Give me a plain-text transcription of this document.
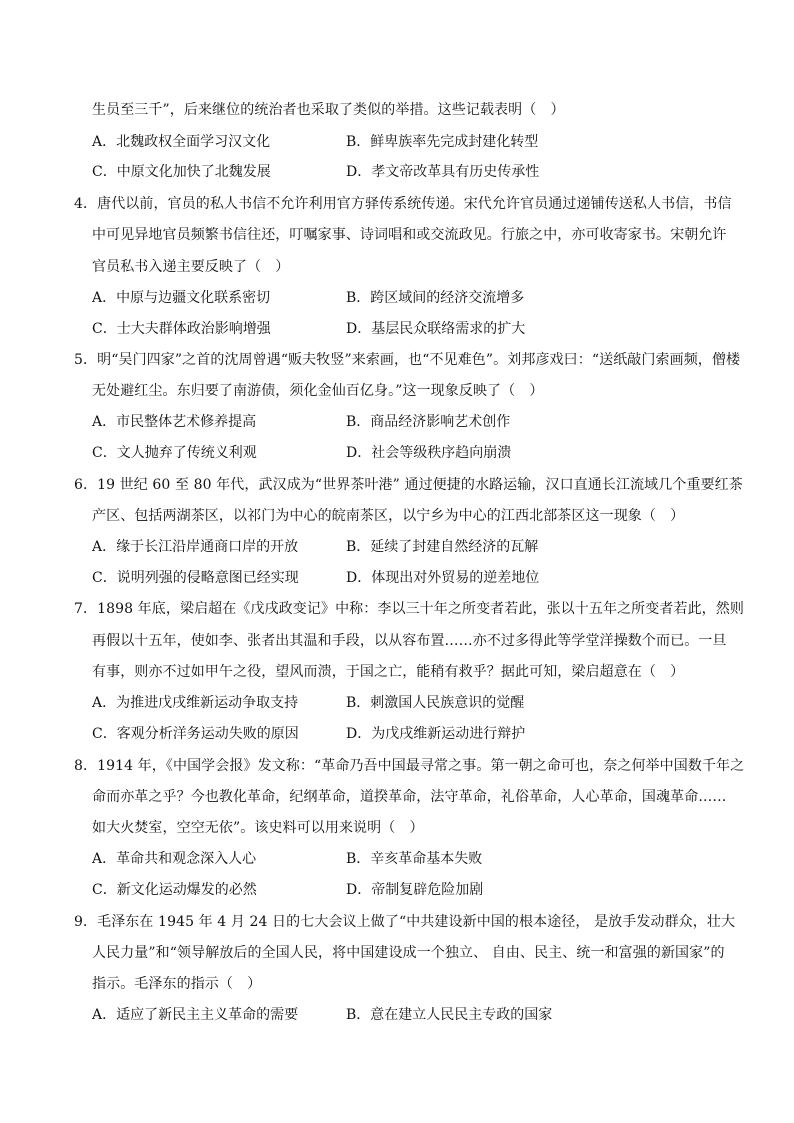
生员至三千”，后来继位的统治者也采取了类似的举措。这些记载表明（　）
A．北魏政权全面学习汉文化	B．鲜卑族率先完成封建化转型
C．中原文化加快了北魏发展	D．孝文帝改革具有历史传承性
4．唐代以前，官员的私人书信不允许利用官方驿传系统传递。宋代允许官员通过递铺传送私人书信，书信
中可见异地官员频繁书信往还，叮嘱家事、诗词唱和或交流政见。行旅之中，亦可收寄家书。宋朝允许
官员私书入递主要反映了（　）
A．中原与边疆文化联系密切	B．跨区域间的经济交流增多
C．士大夫群体政治影响增强	D．基层民众联络需求的扩大
5．明“吴门四家”之首的沈周曾遇“贩夫牧竖”来索画，也“不见难色”。刘邦彦戏曰：“送纸敲门索画频，僧楼
无处避红尘。东归要了南游债，须化金仙百亿身。”这一现象反映了（　）
A．市民整体艺术修养提高	B．商品经济影响艺术创作
C．文人抛弃了传统义利观	D．社会等级秩序趋向崩溃
6．19 世纪 60 至 80 年代，武汉成为“世界茶叶港” 通过便捷的水路运输，汉口直通长江流域几个重要红茶
产区、包括两湖茶区，以祁门为中心的皖南茶区，以宁乡为中心的江西北部茶区这一现象（　）
A．缘于长江沿岸通商口岸的开放	B．延续了封建自然经济的瓦解
C．说明列强的侵略意图已经实现	D．体现出对外贸易的逆差地位
7．1898 年底，梁启超在《戊戌政变记》中称：李以三十年之所变者若此，张以十五年之所变者若此，然则
再假以十五年，使如李、张者出其温和手段，以从容布置……亦不过多得此等学堂洋操数个而已。一旦
有事，则亦不过如甲午之役，望风而溃，于国之亡，能稍有救乎？据此可知，梁启超意在（　）
A．为推进戊戌维新运动争取支持	B．刺激国人民族意识的觉醒
C．客观分析洋务运动失败的原因	D．为戊戌维新运动进行辩护
8．1914 年，《中国学会报》发文称：“革命乃吾中国最寻常之事。第一朝之命可也，奈之何举中国数千年之
命而亦革之乎？今也教化革命，纪纲革命，道揆革命，法守革命，礼俗革命，人心革命，国魂革命……
如大火焚室，空空无依”。该史料可以用来说明（　）
A．革命共和观念深入人心	B．辛亥革命基本失败
C．新文化运动爆发的必然	D．帝制复辟危险加剧
9．毛泽东在 1945 年 4 月 24 日的七大会议上做了“中共建设新中国的根本途径， 是放手发动群众，壮大
人民力量”和“领导解放后的全国人民，将中国建设成一个独立、 自由、民主、统一和富强的新国家”的
指示。毛泽东的指示（　）
A．适应了新民主主义革命的需要	B．意在建立人民民主专政的国家
